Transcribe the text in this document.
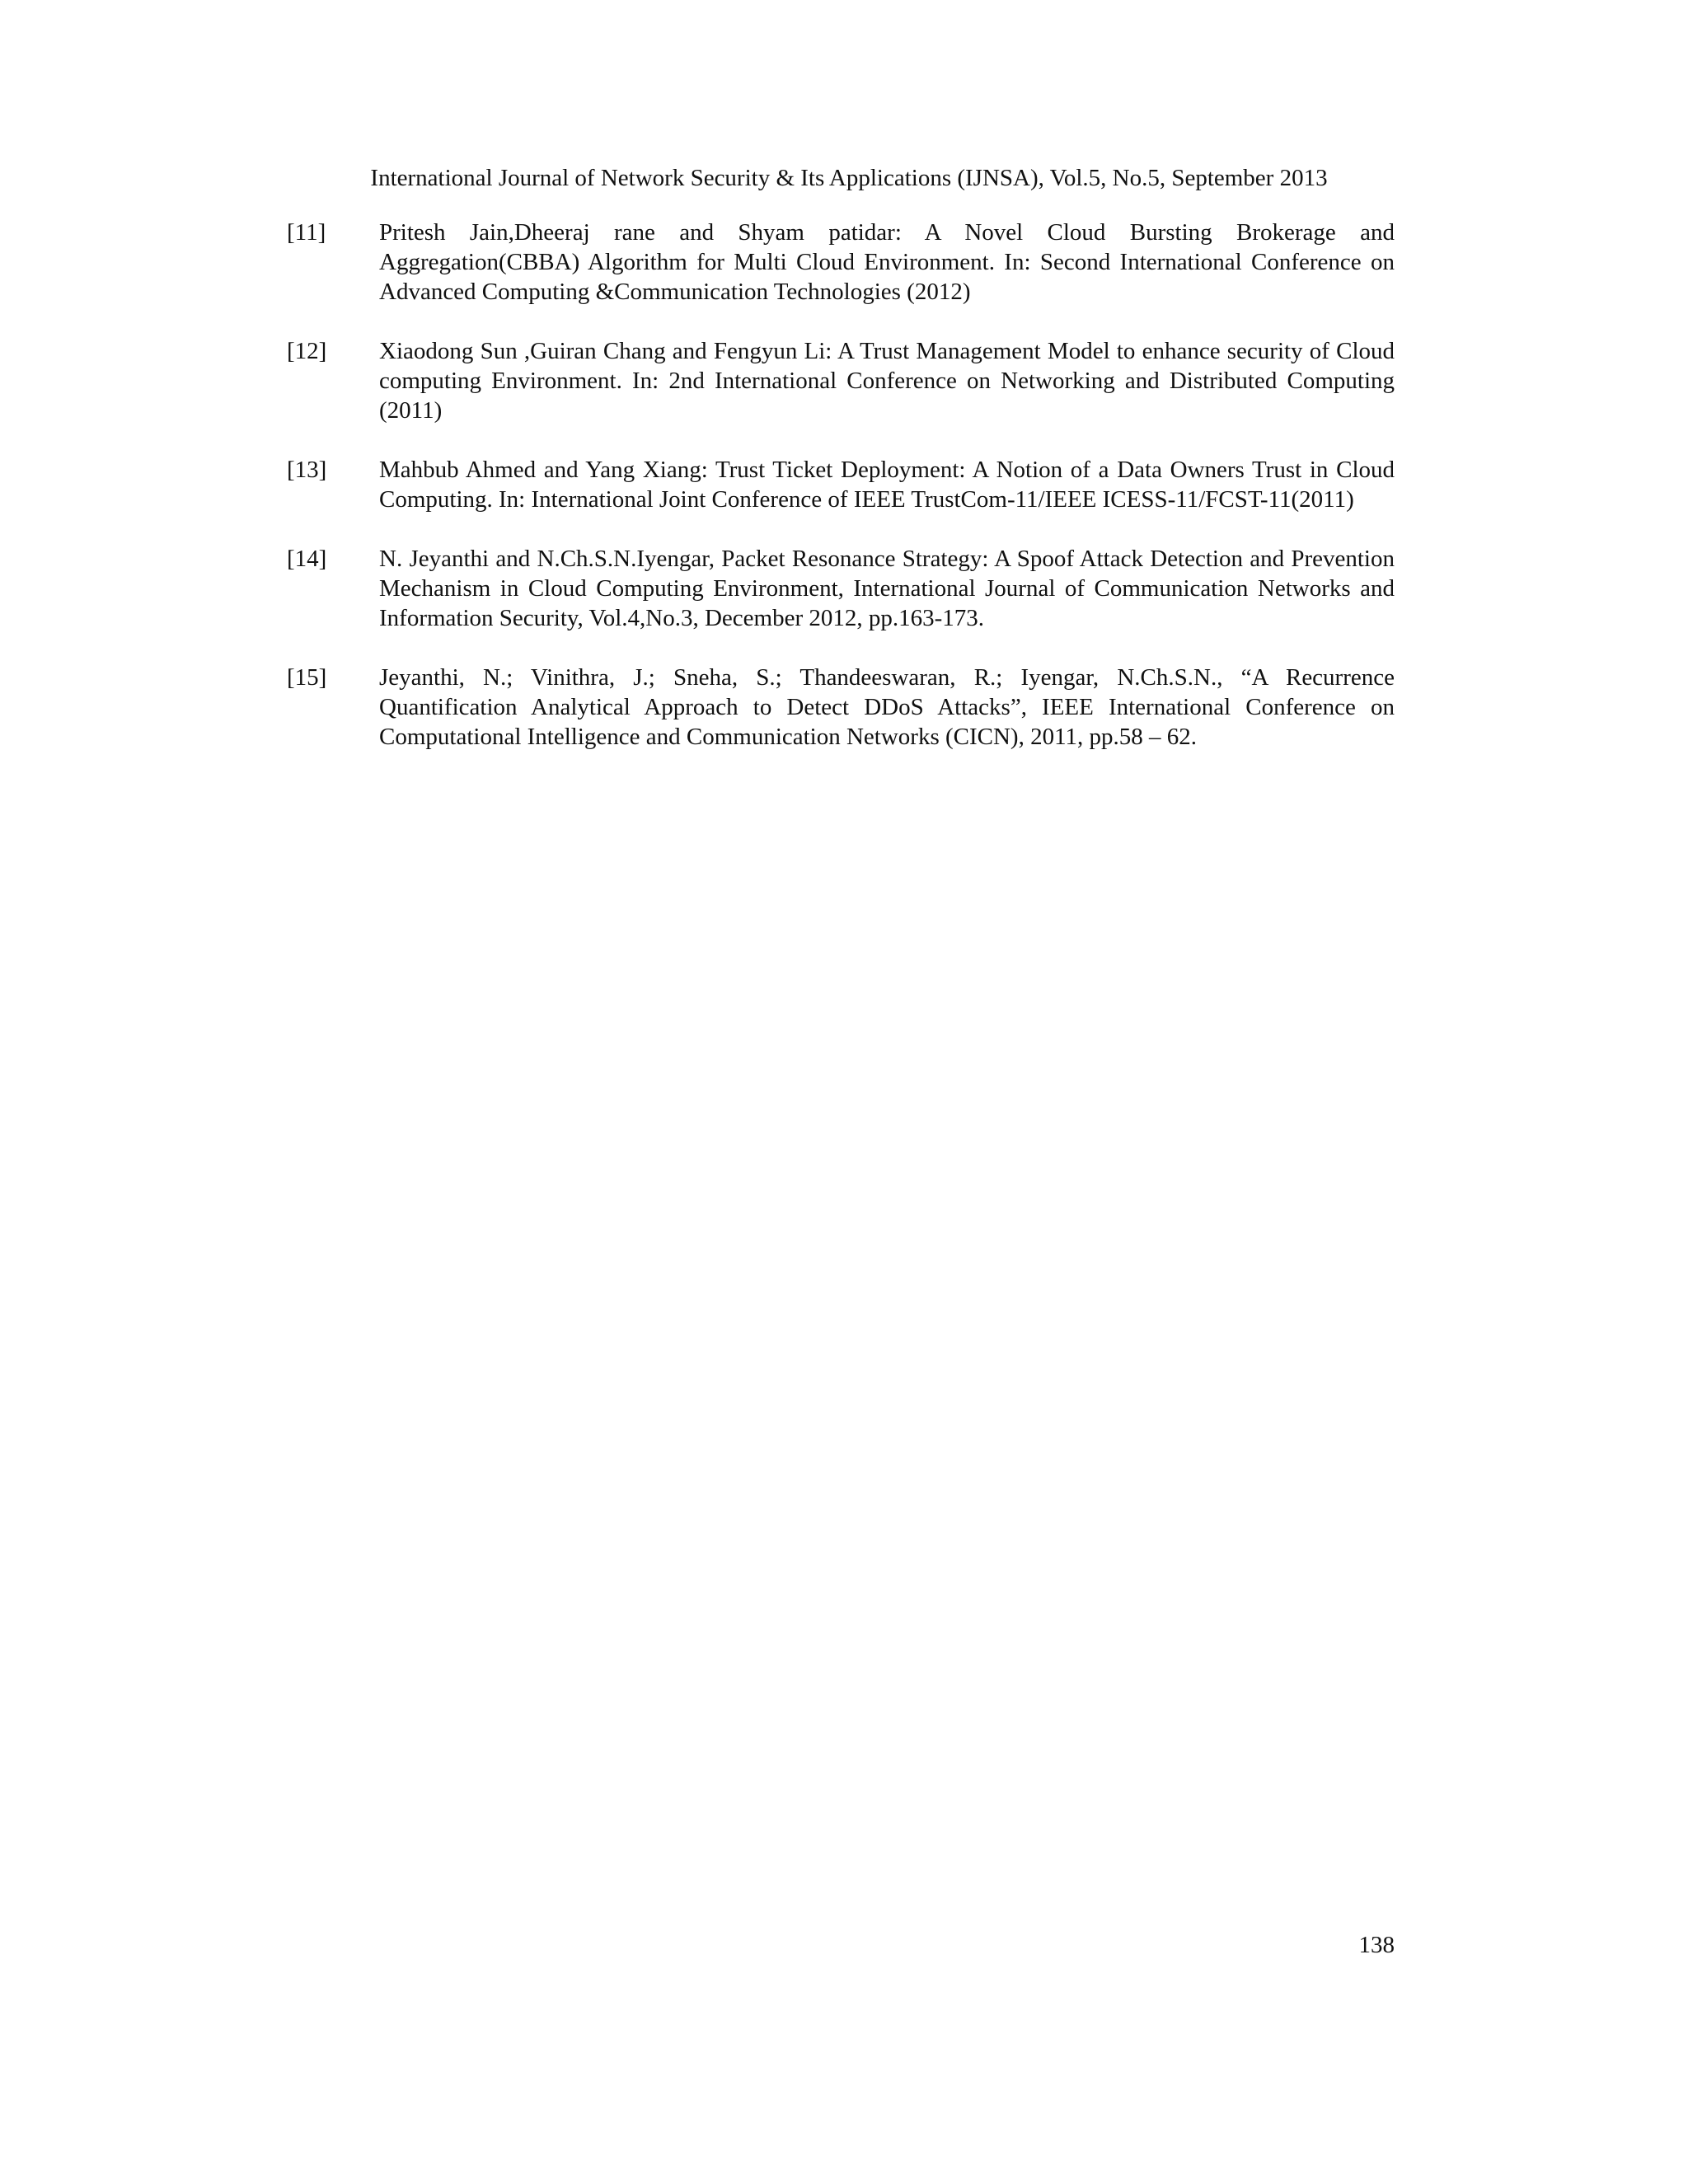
International Journal of Network Security & Its Applications (IJNSA), Vol.5, No.5, September 2013
[11]	Pritesh Jain,Dheeraj rane and Shyam patidar: A Novel Cloud Bursting Brokerage and Aggregation(CBBA) Algorithm for Multi Cloud Environment. In: Second International Conference on Advanced Computing &Communication Technologies (2012)
[12]	Xiaodong Sun ,Guiran Chang and Fengyun Li: A Trust Management Model to enhance security of Cloud computing Environment. In: 2nd International Conference on Networking and Distributed Computing (2011)
[13]	Mahbub Ahmed and Yang Xiang: Trust Ticket Deployment: A Notion of a Data Owners Trust in Cloud Computing. In: International Joint Conference of IEEE TrustCom-11/IEEE ICESS-11/FCST-11(2011)
[14]	N. Jeyanthi and N.Ch.S.N.Iyengar, Packet Resonance Strategy: A Spoof Attack Detection and Prevention Mechanism in Cloud Computing Environment, International Journal of Communication Networks and Information Security, Vol.4,No.3, December 2012, pp.163-173.
[15]	Jeyanthi, N.; Vinithra, J.; Sneha, S.; Thandeeswaran, R.; Iyengar, N.Ch.S.N., “A Recurrence Quantification Analytical Approach to Detect DDoS Attacks”, IEEE International Conference on Computational Intelligence and Communication Networks (CICN), 2011, pp.58 – 62.
138
